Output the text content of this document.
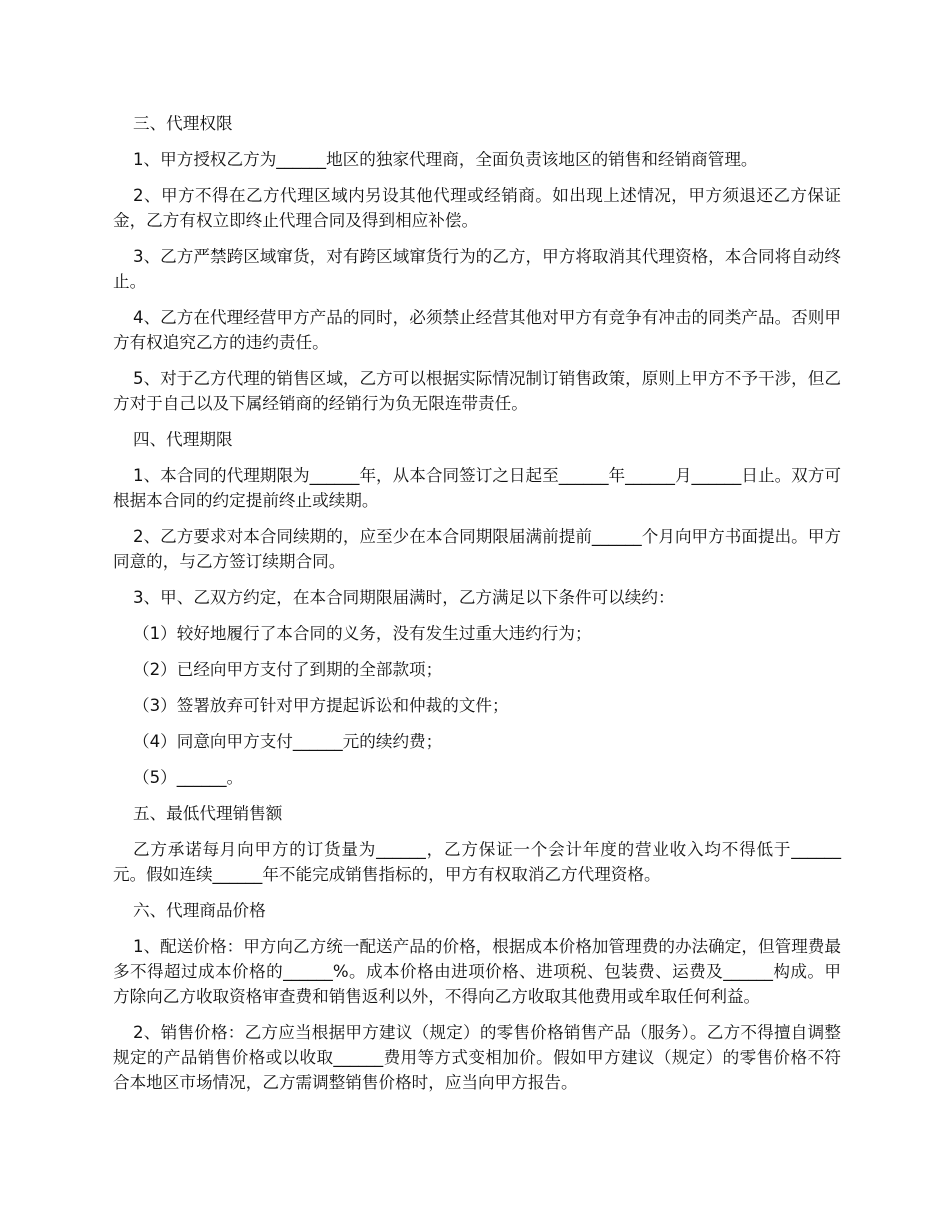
三、代理权限
1、甲方授权乙方为______地区的独家代理商，全面负责该地区的销售和经销商管理。
2、甲方不得在乙方代理区域内另设其他代理或经销商。如出现上述情况，甲方须退还乙方保证金，乙方有权立即终止代理合同及得到相应补偿。
3、乙方严禁跨区域窜货，对有跨区域窜货行为的乙方，甲方将取消其代理资格，本合同将自动终止。
4、乙方在代理经营甲方产品的同时，必须禁止经营其他对甲方有竞争有冲击的同类产品。否则甲方有权追究乙方的违约责任。
5、对于乙方代理的销售区域，乙方可以根据实际情况制订销售政策，原则上甲方不予干涉，但乙方对于自己以及下属经销商的经销行为负无限连带责任。
四、代理期限
1、本合同的代理期限为______年，从本合同签订之日起至______年______月______日止。双方可根据本合同的约定提前终止或续期。
2、乙方要求对本合同续期的，应至少在本合同期限届满前提前______个月向甲方书面提出。甲方同意的，与乙方签订续期合同。
3、甲、乙双方约定，在本合同期限届满时，乙方满足以下条件可以续约：
（1）较好地履行了本合同的义务，没有发生过重大违约行为；
（2）已经向甲方支付了到期的全部款项；
（3）签署放弃可针对甲方提起诉讼和仲裁的文件；
（4）同意向甲方支付______元的续约费；
（5）______。
五、最低代理销售额
乙方承诺每月向甲方的订货量为______，乙方保证一个会计年度的营业收入均不得低于______元。假如连续______年不能完成销售指标的，甲方有权取消乙方代理资格。
六、代理商品价格
1、配送价格：甲方向乙方统一配送产品的价格，根据成本价格加管理费的办法确定，但管理费最多不得超过成本价格的______%。成本价格由进项价格、进项税、包装费、运费及______构成。甲方除向乙方收取资格审查费和销售返利以外，不得向乙方收取其他费用或牟取任何利益。
2、销售价格：乙方应当根据甲方建议（规定）的零售价格销售产品（服务）。乙方不得擅自调整规定的产品销售价格或以收取______费用等方式变相加价。假如甲方建议（规定）的零售价格不符合本地区市场情况，乙方需调整销售价格时，应当向甲方报告。
